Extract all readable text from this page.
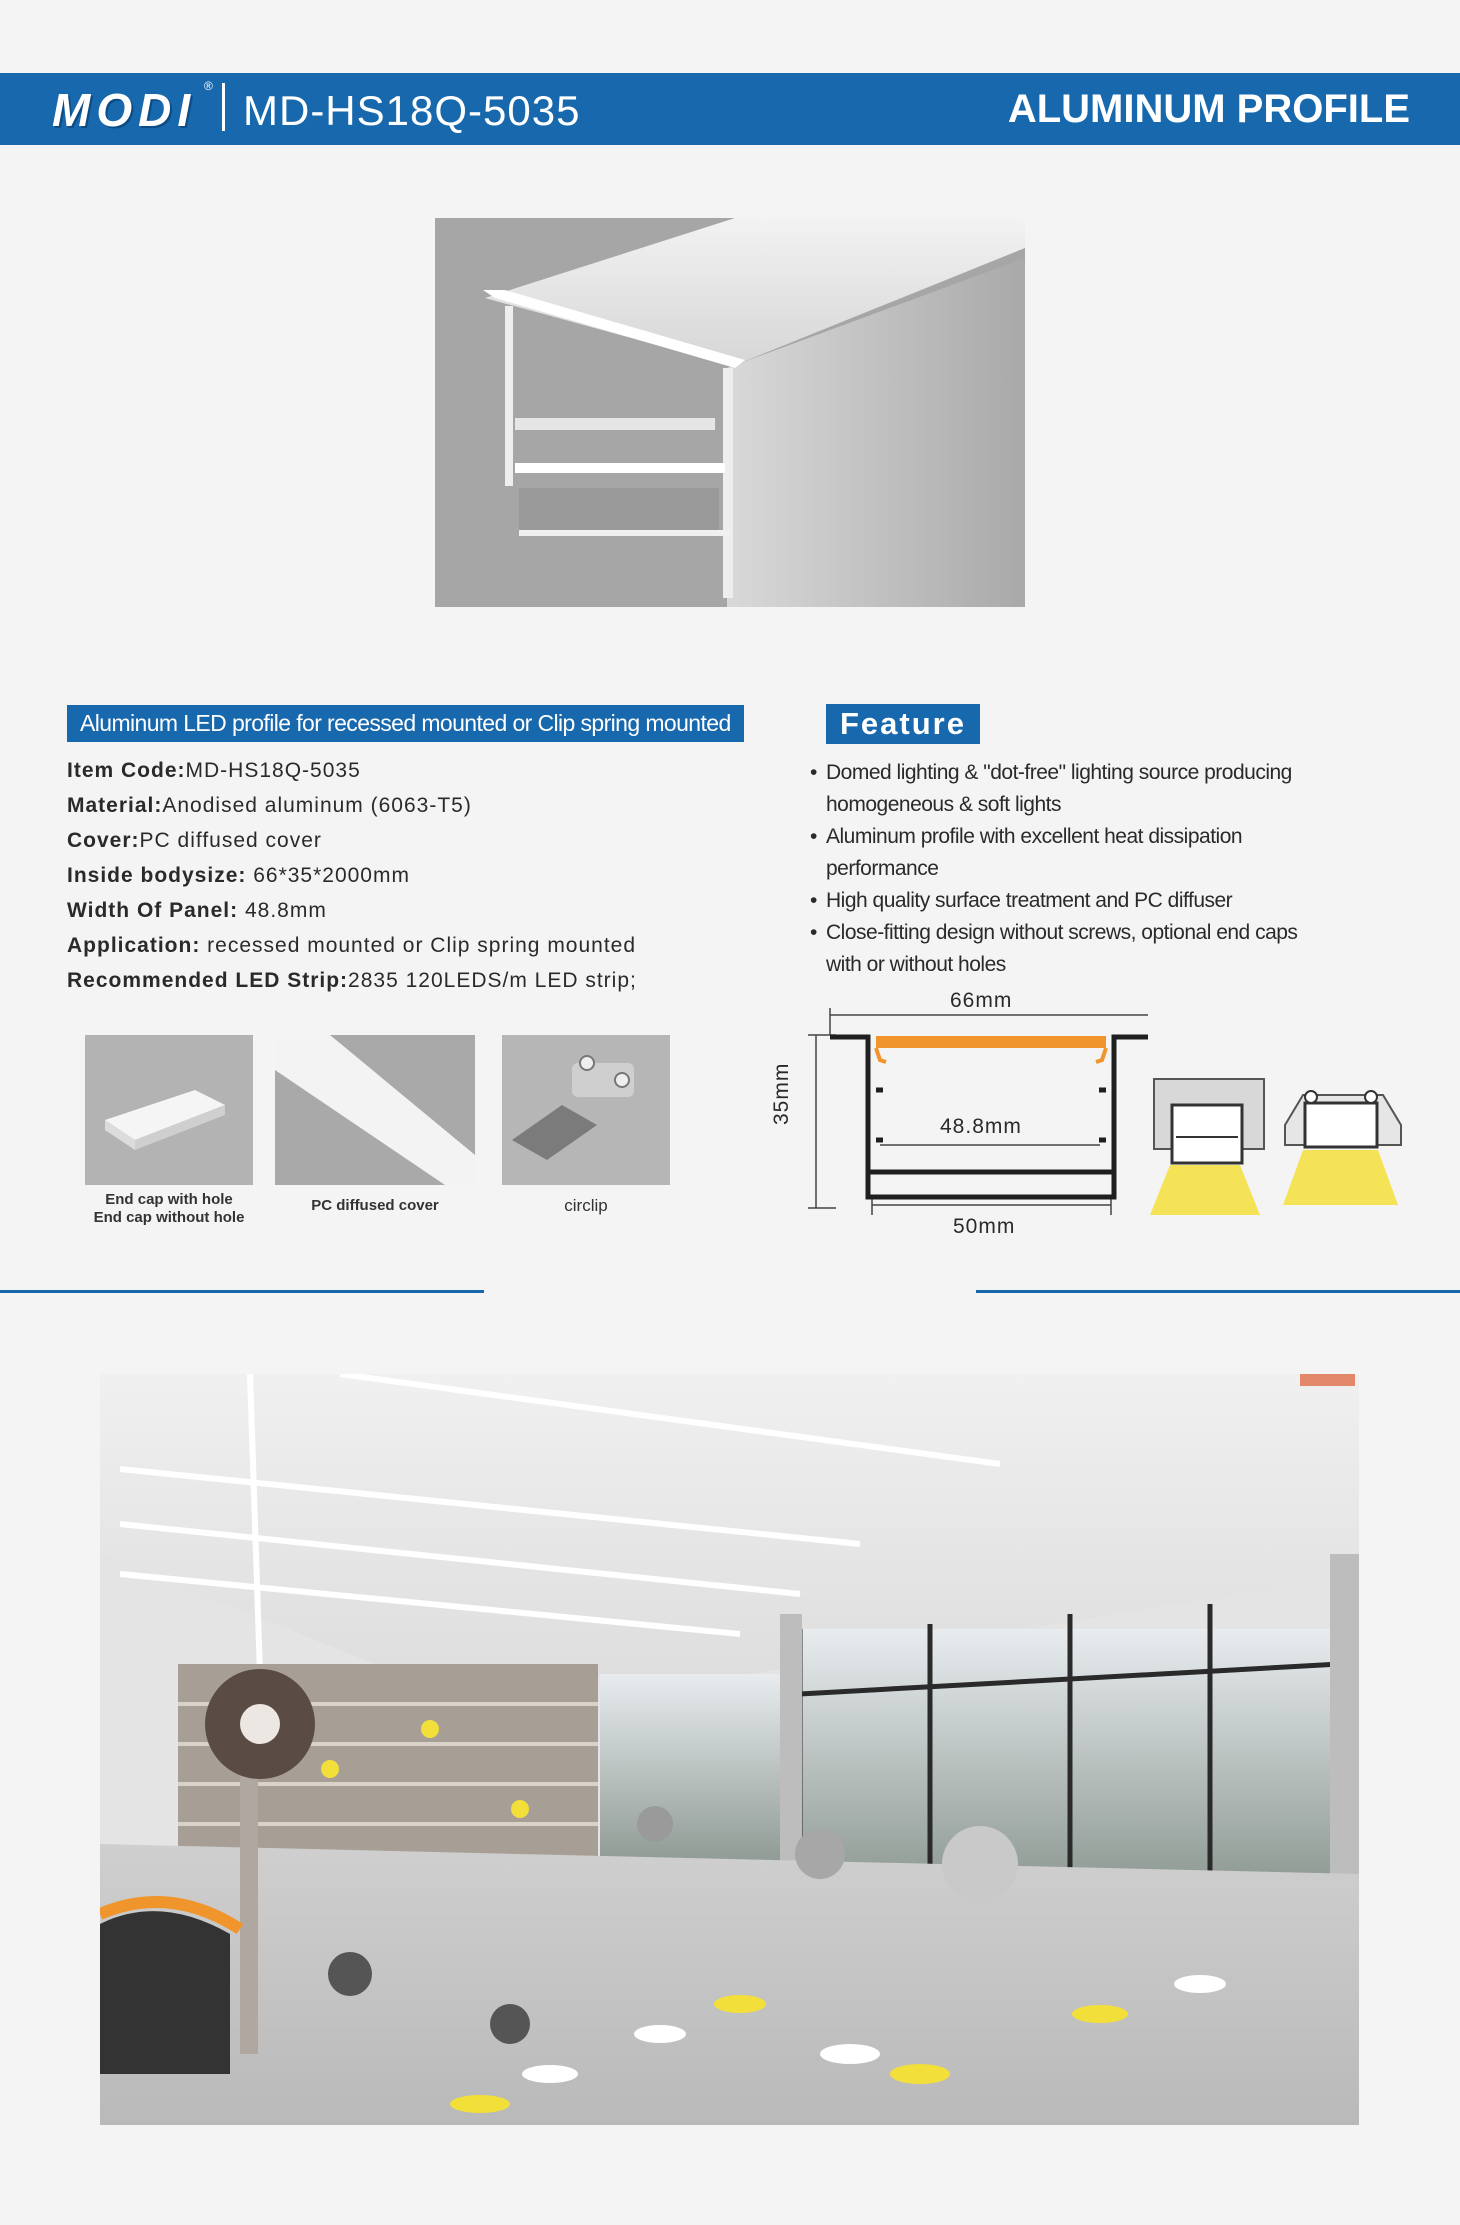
MODI ®
MD-HS18Q-5035	ALUMINUM PROFILE
Aluminum LED profile for recessed mounted or Clip spring mounted
Item Code:MD-HS18Q-5035
Material:Anodised aluminum (6063-T5)
Cover:PC diffused cover
Inside bodysize: 66*35*2000mm
Width Of Panel: 48.8mm
Application: recessed mounted or Clip spring mounted
Recommended LED Strip:2835 120LEDS/m LED strip;
Feature
• Domed lighting & "dot-free" lighting source producing
homogeneous & soft lights
• Aluminum profile with excellent heat dissipation
performance
• High quality surface treatment and PC diffuser
• Close-fitting design without screws, optional end caps
with or without holes
End cap with hole
End cap without hole
PC diffused cover	circlip
66mm
35mm
48.8mm
50mm
